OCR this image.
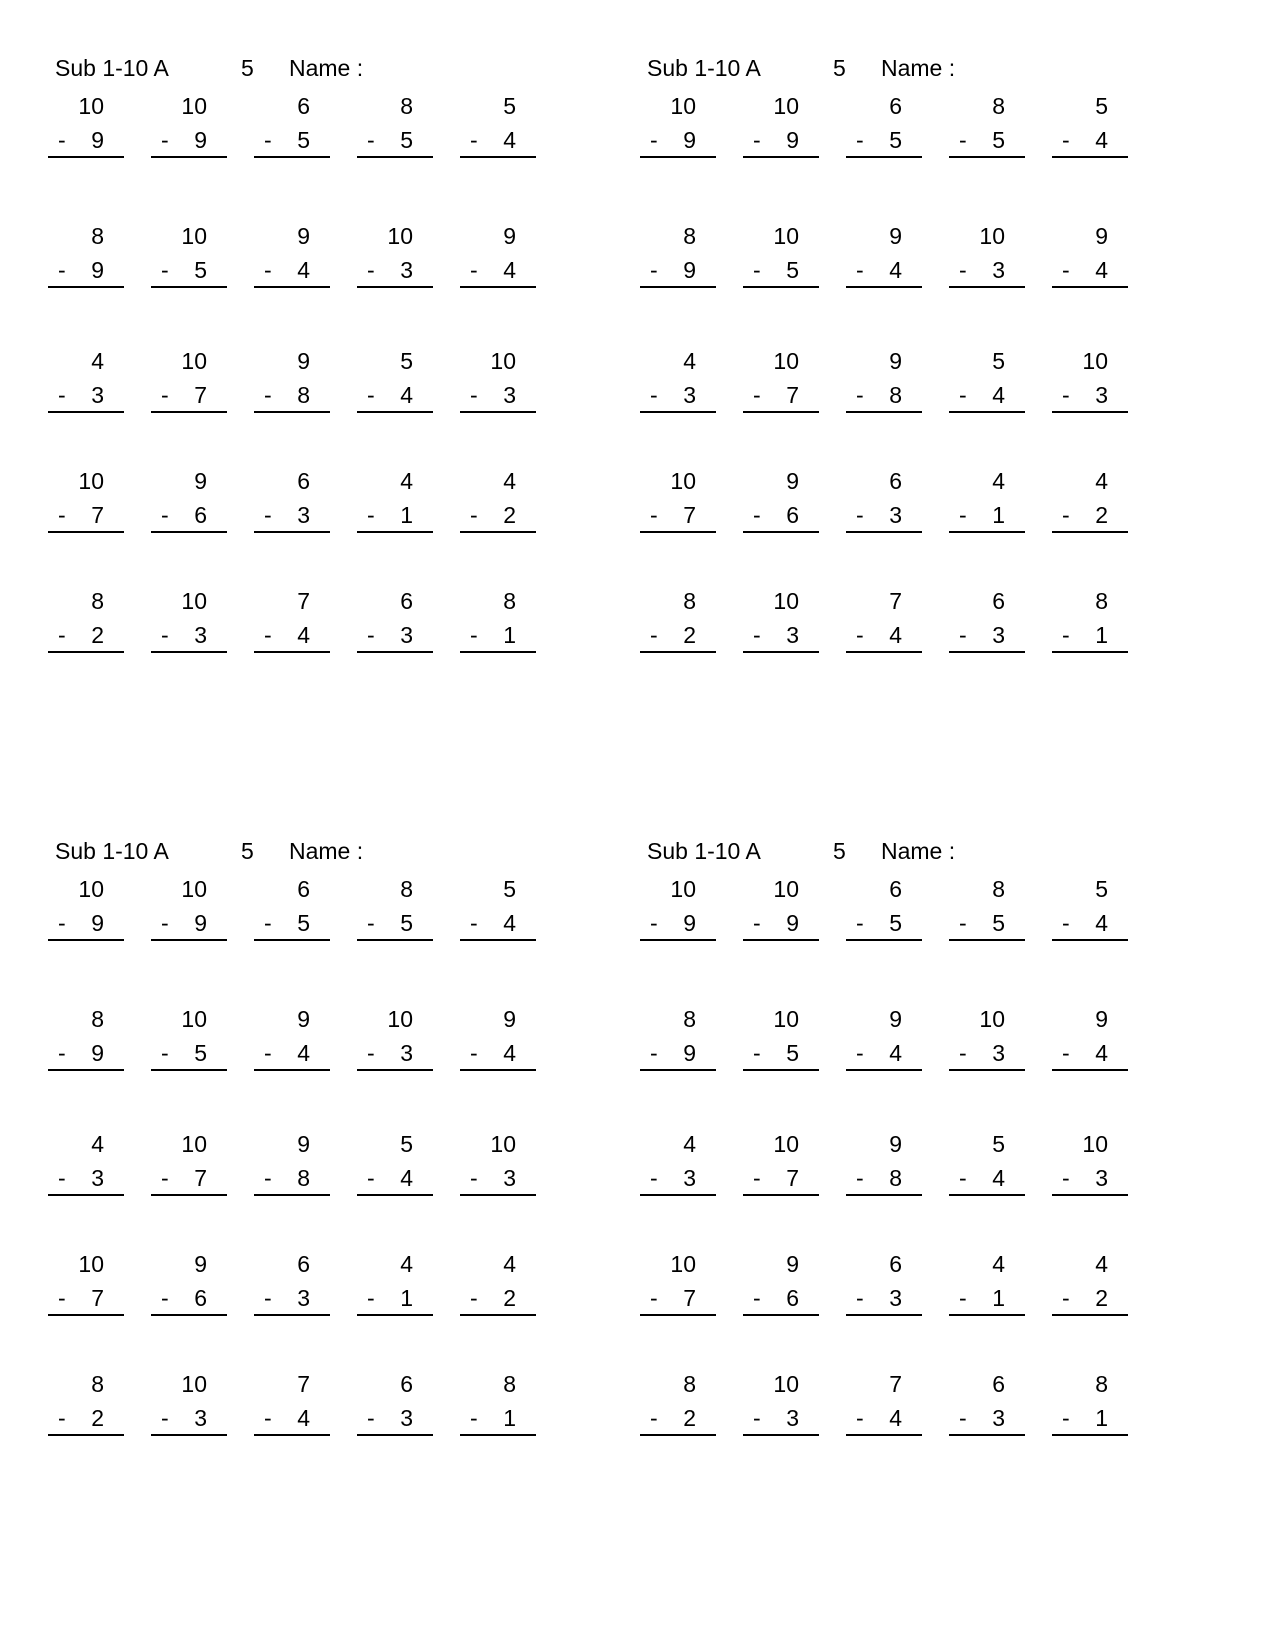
Sub 1-10 A	5 Name :
10
- 9
10
- 9
6
- 5
8
- 5
5
- 4
8
- 9
10
- 5
9
- 4
10
- 3
9
- 4
4
- 3
10
- 7
9
- 8
5
- 4
10
- 3
10
- 7
9
- 6
6
- 3
4
- 1
4
- 2
8
- 2
10
- 3
7
- 4
6
- 3
8
- 1
Sub 1-10 A	5 Name :
10
- 9
10
- 9
6
- 5
8
- 5
5
- 4
8
- 9
10
- 5
9
- 4
10
- 3
9
- 4
4
- 3
10
- 7
9
- 8
5
- 4
10
- 3
10
- 7
9
- 6
6
- 3
4
- 1
4
- 2
8
- 2
10
- 3
7
- 4
6
- 3
8
- 1
Sub 1-10 A	5 Name :
10
- 9
10
- 9
6
- 5
8
- 5
5
- 4
8
- 9
10
- 5
9
- 4
10
- 3
9
- 4
4
- 3
10
- 7
9
- 8
5
- 4
10
- 3
10
- 7
9
- 6
6
- 3
4
- 1
4
- 2
8
- 2
10
- 3
7
- 4
6
- 3
8
- 1
Sub 1-10 A	5 Name :
10
- 9
10
- 9
6
- 5
8
- 5
5
- 4
8
- 9
10
- 5
9
- 4
10
- 3
9
- 4
4
- 3
10
- 7
9
- 8
5
- 4
10
- 3
10
- 7
9
- 6
6
- 3
4
- 1
4
- 2
8
- 2
10
- 3
7
- 4
6
- 3
8
- 1
